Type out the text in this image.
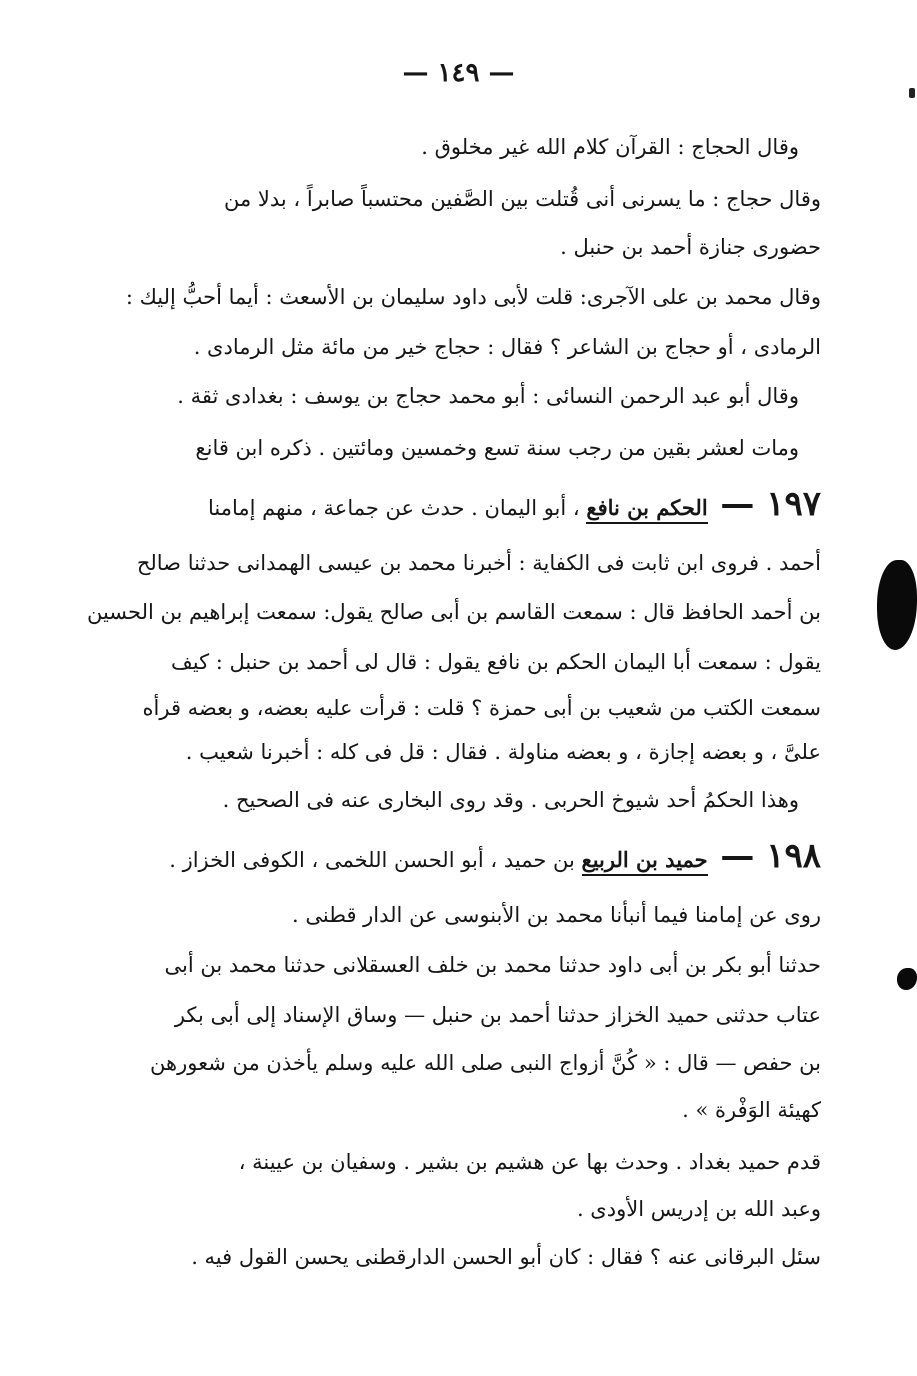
— ١٤٩ —
وقال الحجاج : القرآن كلام الله غير مخلوق .
وقال حجاج : ما يسرنى أنى قُتلت بين الصَّفين محتسباً صابراً ، بدلا من
حضورى جنازة أحمد بن حنبل .
وقال محمد بن على الآجرى: قلت لأبى داود سليمان بن الأسعث : أيما أحبُّ إليك :
الرمادى ، أو حجاج بن الشاعر ؟ فقال : حجاج خير من مائة مثل الرمادى .
وقال أبو عبد الرحمن النسائى : أبو محمد حجاج بن يوسف : بغدادى ثقة .
ومات لعشر بقين من رجب سنة تسع وخمسين ومائتين . ذكره ابن قانع
١٩٧ — الحكم بن نافع ، أبو اليمان . حدث عن جماعة ، منهم إمامنا
أحمد . فروى ابن ثابت فى الكفاية : أخبرنا محمد بن عيسى الهمدانى حدثنا صالح
بن أحمد الحافظ قال : سمعت القاسم بن أبى صالح يقول: سمعت إبراهيم بن الحسين
يقول : سمعت أبا اليمان الحكم بن نافع يقول : قال لى أحمد بن حنبل : كيف
سمعت الكتب من شعيب بن أبى حمزة ؟ قلت : قرأت عليه بعضه، و بعضه قرأه
علىَّ ، و بعضه إجازة ، و بعضه مناولة . فقال : قل فى كله : أخبرنا شعيب .
وهذا الحكمُ أحد شيوخ الحربى . وقد روى البخارى عنه فى الصحيح .
١٩٨ — حميد بن الربيع بن حميد ، أبو الحسن اللخمى ، الكوفى الخزاز .
روى عن إمامنا فيما أنبأنا محمد بن الأبنوسى عن الدار قطنى .
حدثنا أبو بكر بن أبى داود حدثنا محمد بن خلف العسقلانى حدثنا محمد بن أبى
عتاب حدثنى حميد الخزاز حدثنا أحمد بن حنبل — وساق الإسناد إلى أبى بكر
بن حفص — قال : « كُنَّ أزواج النبى صلى الله عليه وسلم يأخذن من شعورهن
كهيئة الوَفْرة » .
قدم حميد بغداد . وحدث بها عن هشيم بن بشير . وسفيان بن عيينة ،
وعبد الله بن إدريس الأودى .
سئل البرقانى عنه ؟ فقال : كان أبو الحسن الدارقطنى يحسن القول فيه .
